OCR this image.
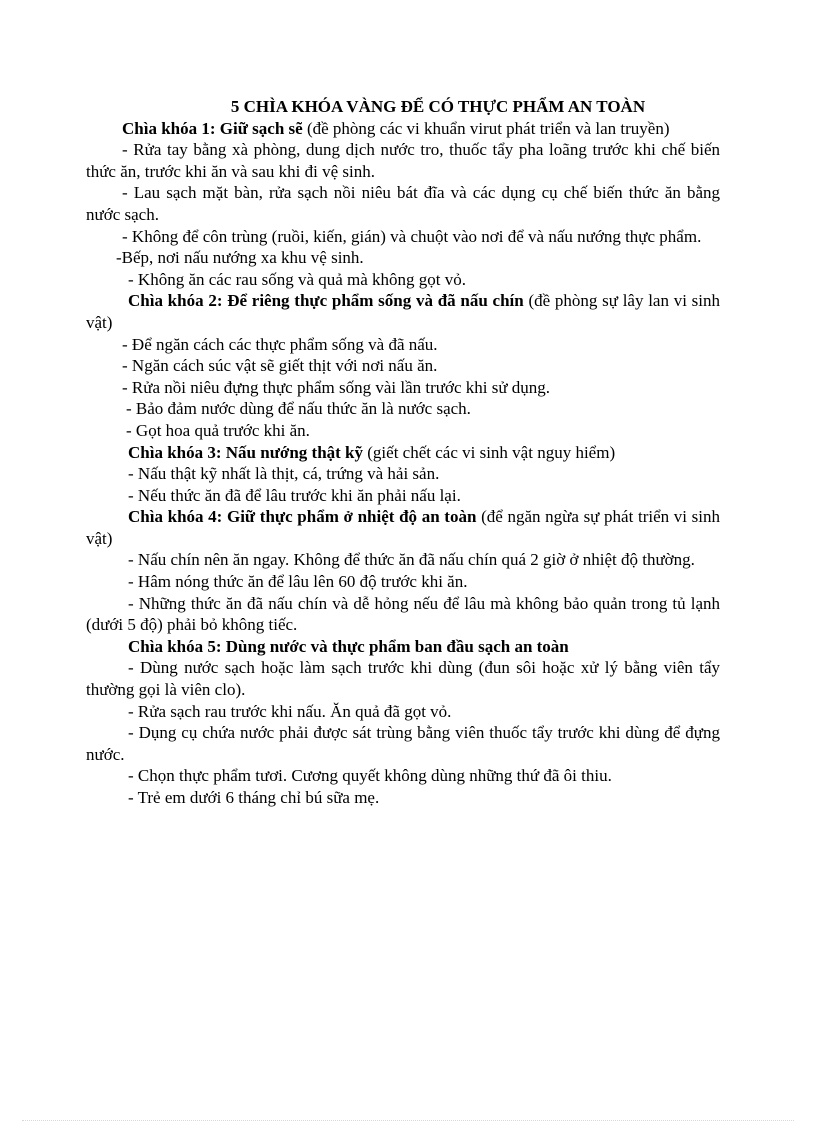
5 CHÌA KHÓA VÀNG ĐỂ CÓ THỰC PHẨM AN TOÀN

Chìa khóa 1: Giữ sạch sẽ (đề phòng các vi khuẩn virut phát triển và lan truyền)

- Rửa tay bằng xà phòng, dung dịch nước tro, thuốc tẩy pha loãng trước khi chế biến thức ăn, trước khi ăn và sau khi đi vệ sinh.

- Lau sạch mặt bàn, rửa sạch nồi niêu bát đĩa và các dụng cụ chế biến thức ăn bằng nước sạch.

- Không để côn trùng (ruồi, kiến, gián) và chuột vào nơi để và nấu nướng thực phẩm.

-Bếp, nơi nấu nướng xa khu vệ sinh.

- Không ăn các rau sống và quả mà không gọt vỏ.

Chìa khóa 2: Để riêng thực phẩm sống và đã nấu chín (đề phòng sự lây lan vi sinh vật)

- Để ngăn cách các thực phẩm sống và đã nấu.

- Ngăn cách súc vật sẽ giết thịt với nơi nấu ăn.

- Rửa nồi niêu đựng thực phẩm sống vài lần trước khi sử dụng.

- Bảo đảm nước dùng để nấu thức ăn là nước sạch.

- Gọt hoa quả trước khi ăn.

Chìa khóa 3: Nấu nướng thật kỹ (giết chết các vi sinh vật nguy hiểm)

- Nấu thật kỹ nhất là thịt, cá, trứng và hải sản.

- Nếu thức ăn đã để lâu trước khi ăn phải nấu lại.

Chìa khóa 4: Giữ thực phẩm ở nhiệt độ an toàn (để ngăn ngừa sự phát triển vi sinh vật)

- Nấu chín nên ăn ngay. Không để thức ăn đã nấu chín quá 2 giờ ở nhiệt độ thường.

- Hâm nóng thức ăn để lâu lên 60 độ trước khi ăn.

- Những thức ăn đã nấu chín và dễ hỏng nếu để lâu mà không bảo quản trong tủ lạnh (dưới 5 độ) phải bỏ không tiếc.

Chìa khóa 5: Dùng nước và thực phẩm ban đầu sạch an toàn

- Dùng nước sạch hoặc làm sạch trước khi dùng (đun sôi hoặc xử lý bằng viên tẩy thường gọi là viên clo).

- Rửa sạch rau trước khi nấu. Ăn quả đã gọt vỏ.

- Dụng cụ chứa nước phải được sát trùng bằng viên thuốc tẩy trước khi dùng để đựng nước.

- Chọn thực phẩm tươi. Cương quyết không dùng những thứ đã ôi thiu.

- Trẻ em dưới 6 tháng chỉ bú sữa mẹ.
